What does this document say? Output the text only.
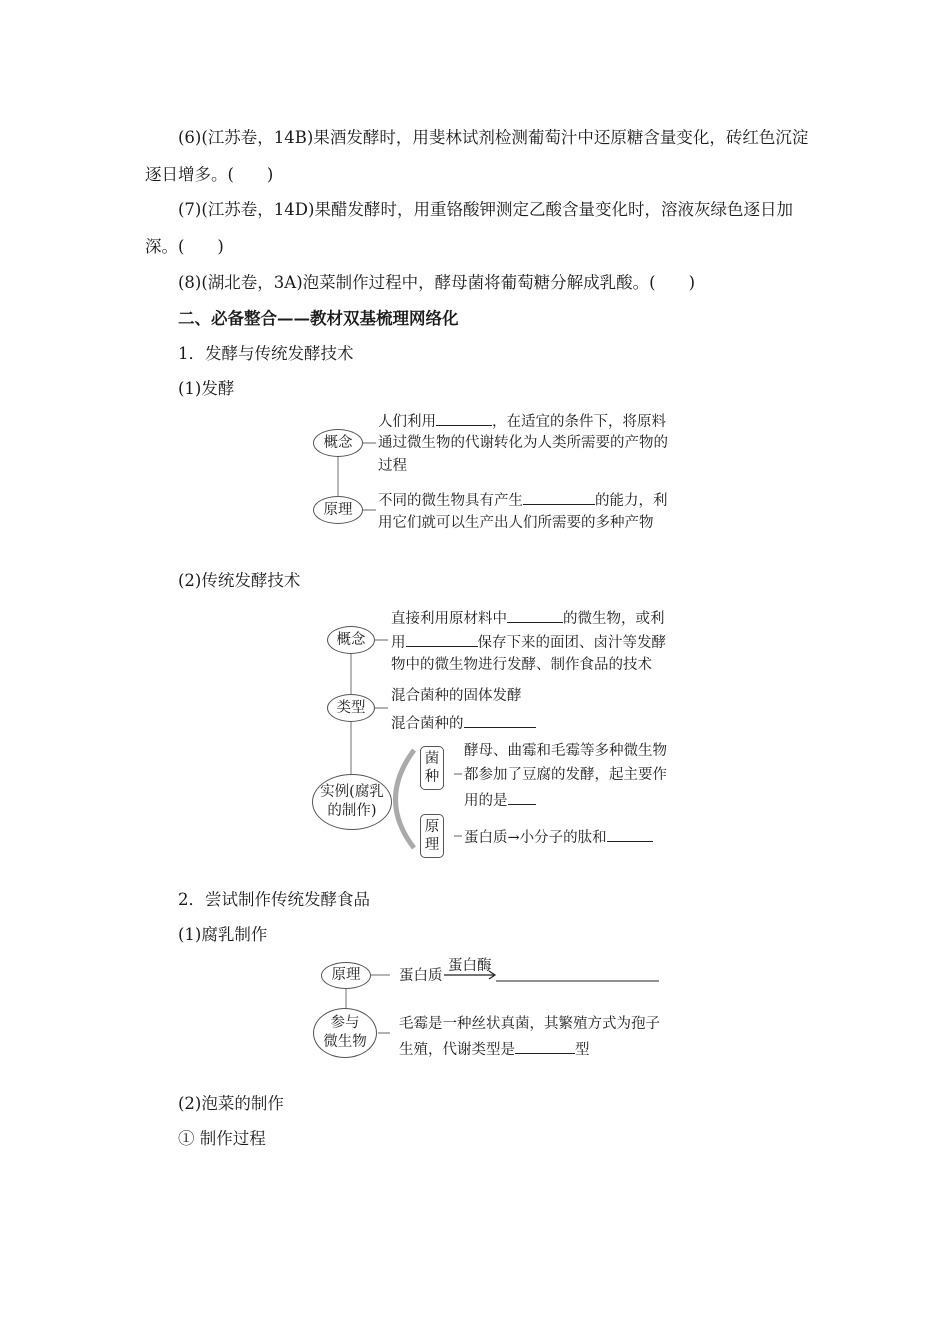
(6)(江苏卷，14B)果酒发酵时，用斐林试剂检测葡萄汁中还原糖含量变化，砖红色沉淀
逐日增多。(　　)
(7)(江苏卷，14D)果醋发酵时，用重铬酸钾测定乙酸含量变化时，溶液灰绿色逐日加
深。(　　)
(8)(湖北卷，3A)泡菜制作过程中，酵母菌将葡萄糖分解成乳酸。(　　)
二、必备整合——教材双基梳理网络化
1．发酵与传统发酵技术
(1)发酵
概念
原理
人们利用	，在适宜的条件下，将原料
通过微生物的代谢转化为人类所需要的产物的
过程
不同的微生物具有产生	的能力，利
用它们就可以生产出人们所需要的多种产物
(2)传统发酵技术
概念
类型
实例(腐乳
的制作)
菌
种
原
理
直接利用原材料中	的微生物，或利
用	保存下来的面团、卤汁等发酵
物中的微生物进行发酵、制作食品的技术
混合菌种的固体发酵
混合菌种的
酵母、曲霉和毛霉等多种微生物
都参加了豆腐的发酵，起主要作
用的是
蛋白质→小分子的肽和
2．尝试制作传统发酵食品
(1)腐乳制作
原理
参与
微生物
蛋白质
蛋白酶
毛霉是一种丝状真菌，其繁殖方式为孢子
生殖，代谢类型是	型
(2)泡菜的制作
① 制作过程
